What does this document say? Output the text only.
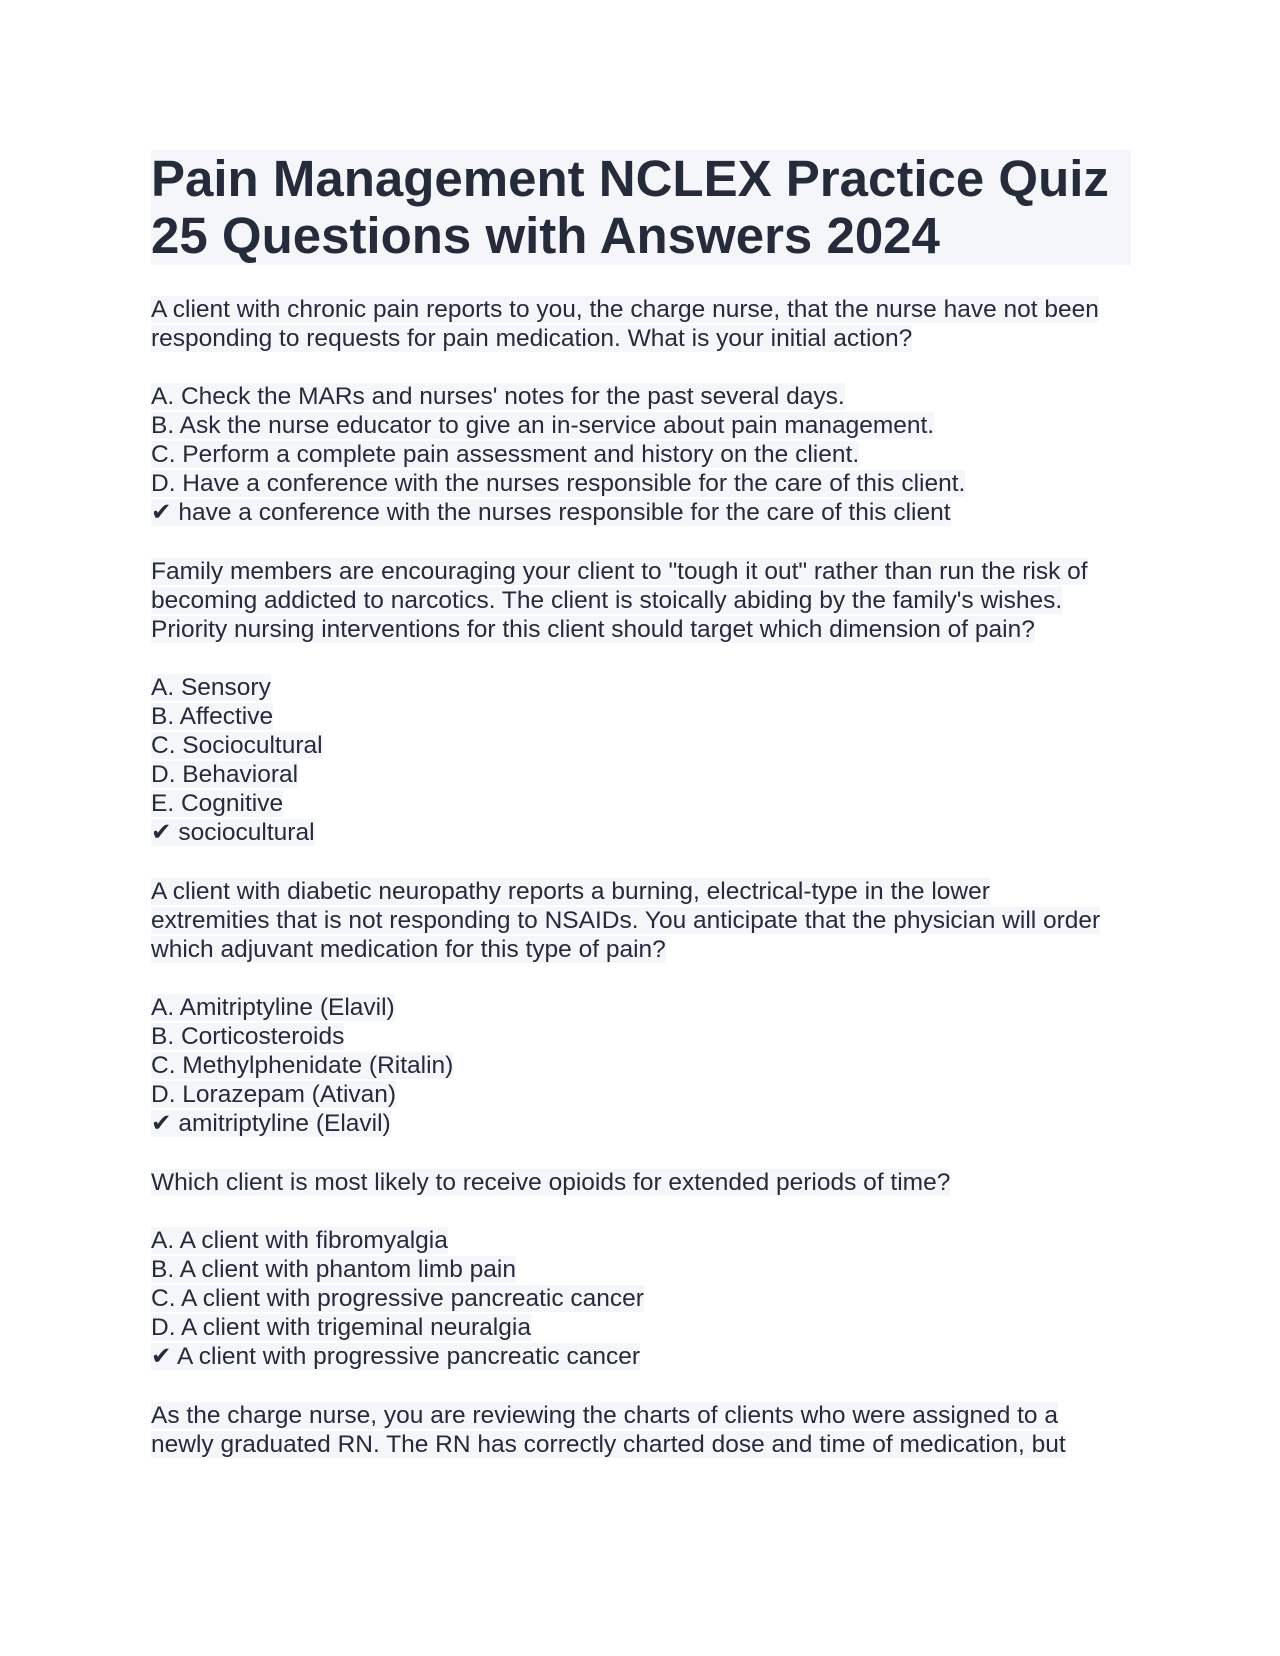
Pain Management NCLEX Practice Quiz
25 Questions with Answers 2024
A client with chronic pain reports to you, the charge nurse, that the nurse have not been
responding to requests for pain medication. What is your initial action?
A. Check the MARs and nurses' notes for the past several days.
B. Ask the nurse educator to give an in-service about pain management.
C. Perform a complete pain assessment and history on the client.
D. Have a conference with the nurses responsible for the care of this client.
✔ have a conference with the nurses responsible for the care of this client
Family members are encouraging your client to "tough it out" rather than run the risk of
becoming addicted to narcotics. The client is stoically abiding by the family's wishes.
Priority nursing interventions for this client should target which dimension of pain?
A. Sensory
B. Affective
C. Sociocultural
D. Behavioral
E. Cognitive
✔ sociocultural
A client with diabetic neuropathy reports a burning, electrical-type in the lower
extremities that is not responding to NSAIDs. You anticipate that the physician will order
which adjuvant medication for this type of pain?
A. Amitriptyline (Elavil)
B. Corticosteroids
C. Methylphenidate (Ritalin)
D. Lorazepam (Ativan)
✔ amitriptyline (Elavil)
Which client is most likely to receive opioids for extended periods of time?
A. A client with fibromyalgia
B. A client with phantom limb pain
C. A client with progressive pancreatic cancer
D. A client with trigeminal neuralgia
✔ A client with progressive pancreatic cancer
As the charge nurse, you are reviewing the charts of clients who were assigned to a
newly graduated RN. The RN has correctly charted dose and time of medication, but
